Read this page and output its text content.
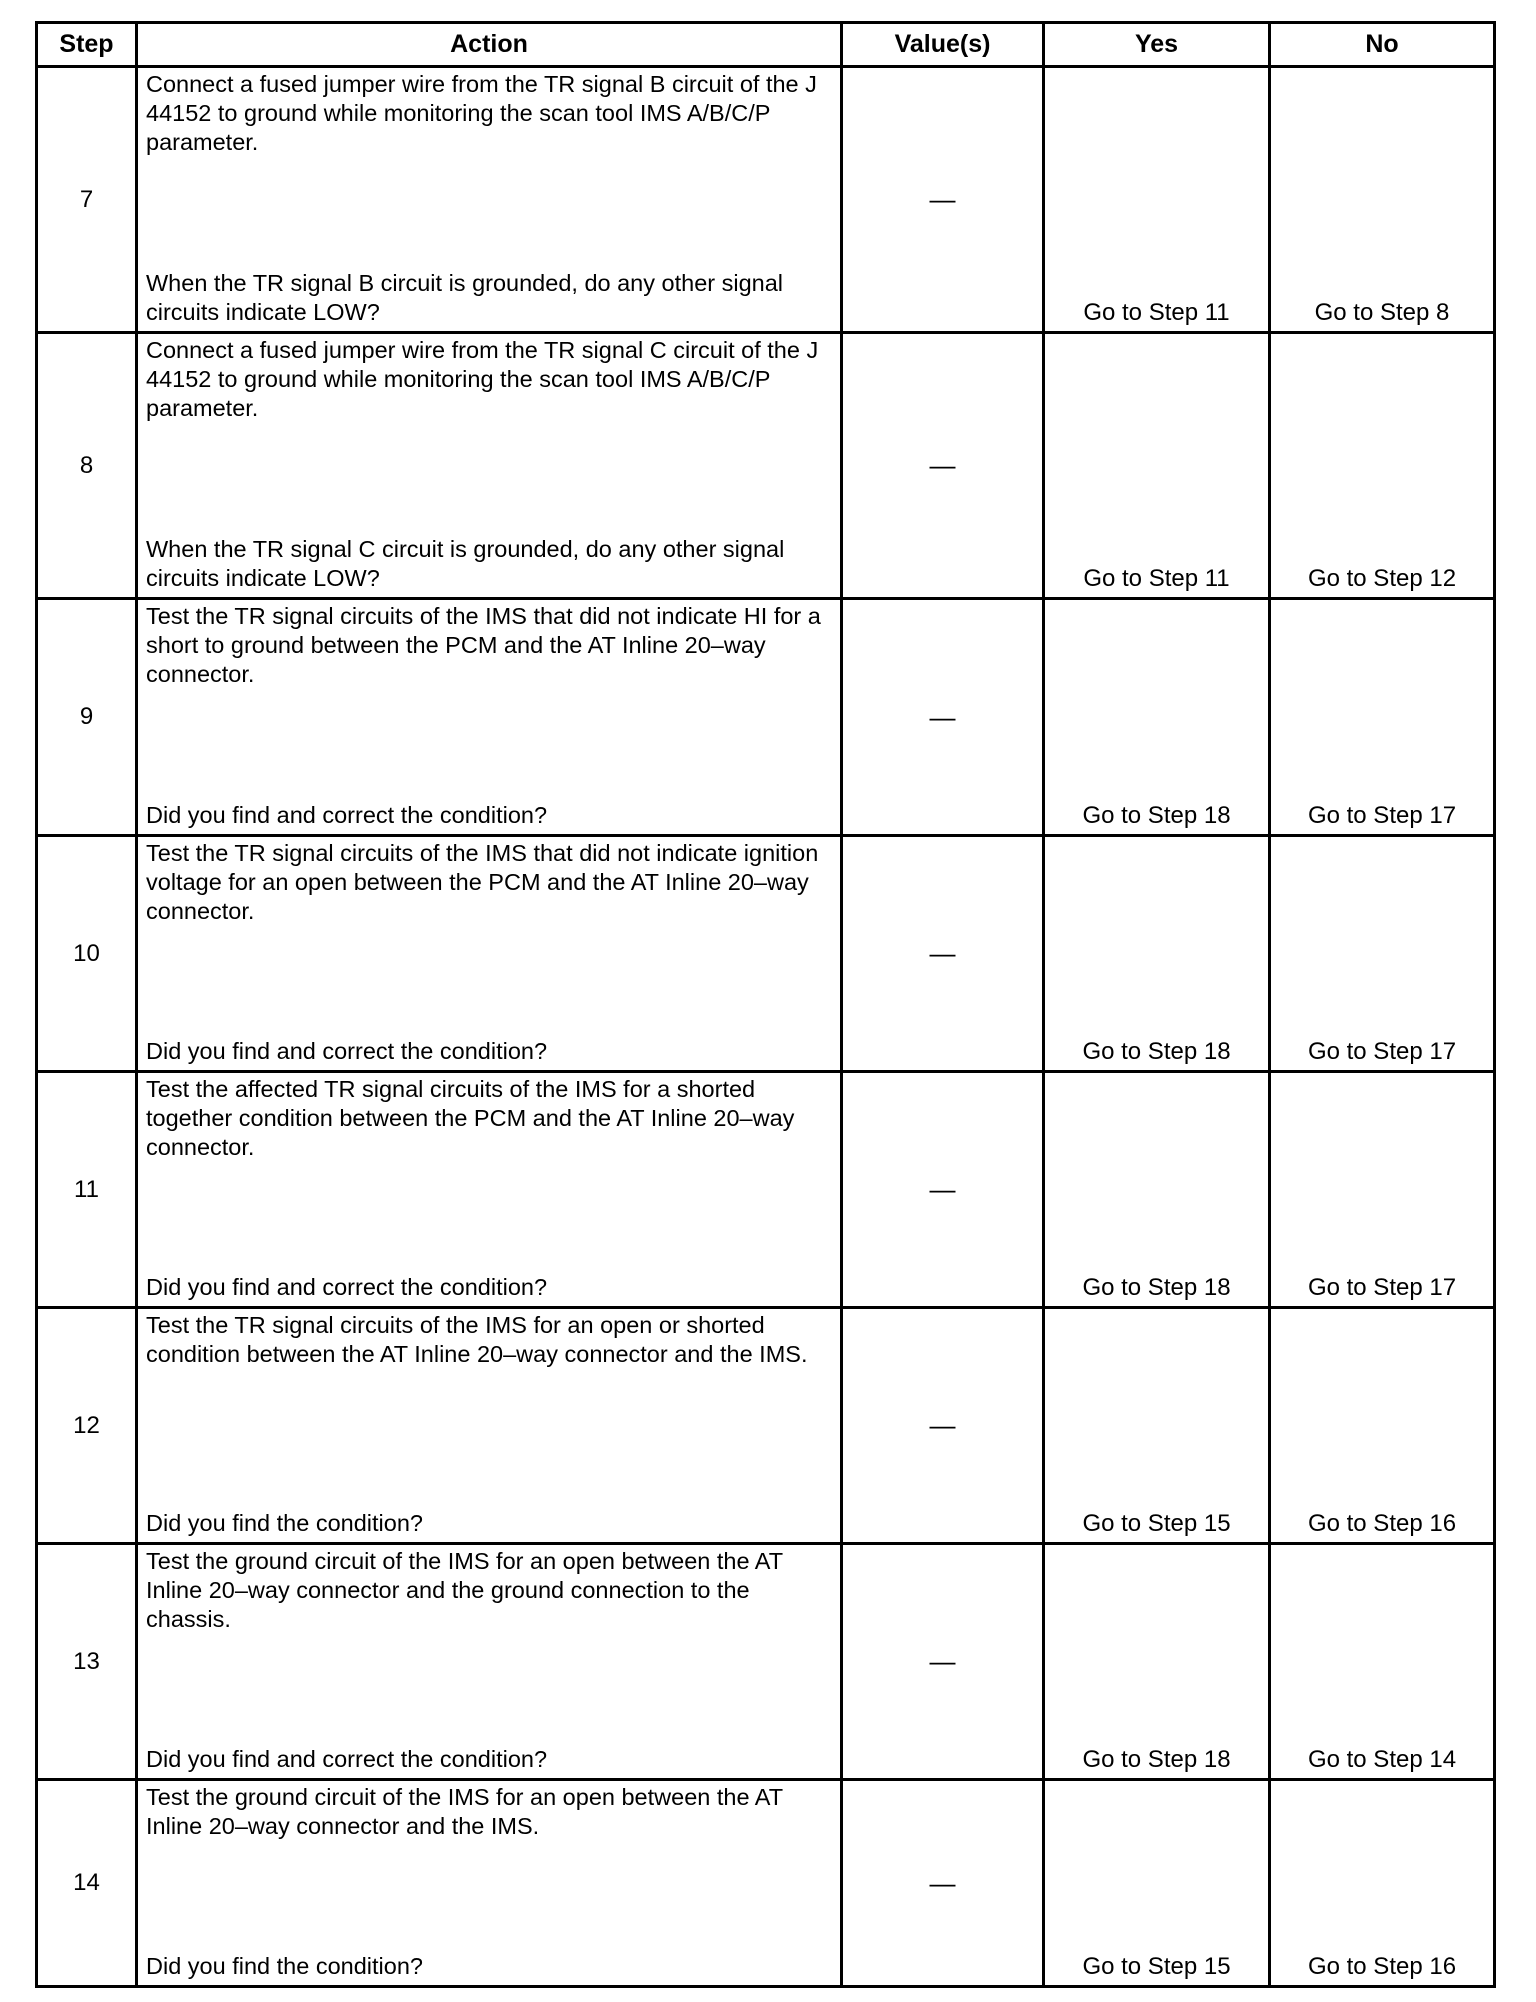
Step	Action	Value(s)	Yes	No
7	Connect a fused jumper wire from the TR signal B circuit of the J 44152 to ground while monitoring the scan tool IMS A/B/C/P parameter.
When the TR signal B circuit is grounded, do any other signal circuits indicate LOW?	—	Go to Step 11	Go to Step 8
8	Connect a fused jumper wire from the TR signal C circuit of the J 44152 to ground while monitoring the scan tool IMS A/B/C/P parameter.
When the TR signal C circuit is grounded, do any other signal circuits indicate LOW?	—	Go to Step 11	Go to Step 12
9	Test the TR signal circuits of the IMS that did not indicate HI for a short to ground between the PCM and the AT Inline 20–way connector.
Did you find and correct the condition?	—	Go to Step 18	Go to Step 17
10	Test the TR signal circuits of the IMS that did not indicate ignition voltage for an open between the PCM and the AT Inline 20–way connector.
Did you find and correct the condition?	—	Go to Step 18	Go to Step 17
11	Test the affected TR signal circuits of the IMS for a shorted together condition between the PCM and the AT Inline 20–way connector.
Did you find and correct the condition?	—	Go to Step 18	Go to Step 17
12	Test the TR signal circuits of the IMS for an open or shorted condition between the AT Inline 20–way connector and the IMS.
Did you find the condition?	—	Go to Step 15	Go to Step 16
13	Test the ground circuit of the IMS for an open between the AT Inline 20–way connector and the ground connection to the chassis.
Did you find and correct the condition?	—	Go to Step 18	Go to Step 14
14	Test the ground circuit of the IMS for an open between the AT Inline 20–way connector and the IMS.
Did you find the condition?	—	Go to Step 15	Go to Step 16
